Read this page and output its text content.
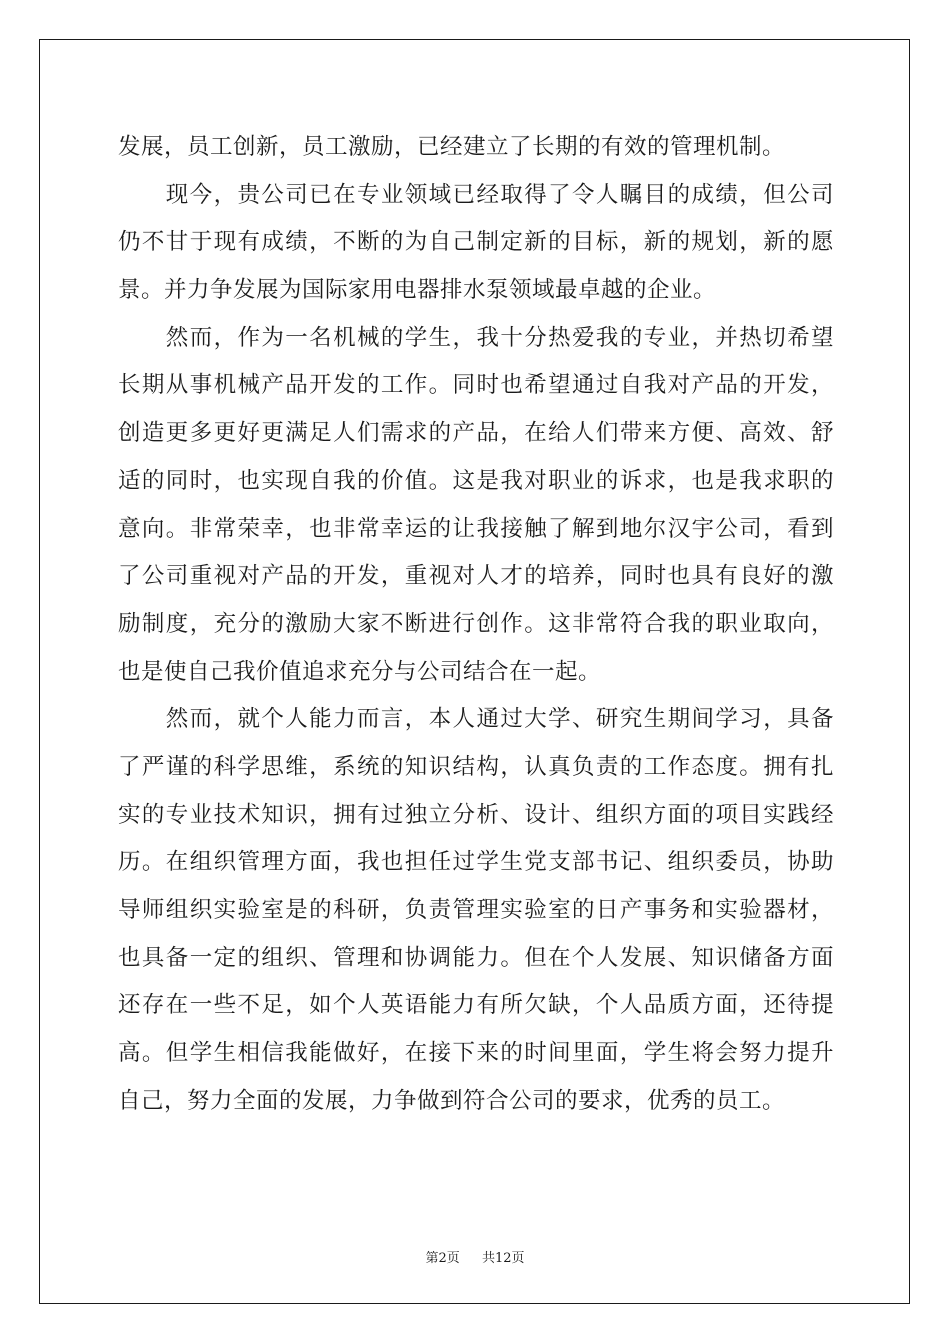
发展，员工创新，员工激励，已经建立了长期的有效的管理机制。
　　现今，贵公司已在专业领域已经取得了令人瞩目的成绩，但公司
仍不甘于现有成绩，不断的为自己制定新的目标，新的规划，新的愿
景。并力争发展为国际家用电器排水泵领域最卓越的企业。
　　然而，作为一名机械的学生，我十分热爱我的专业，并热切希望
长期从事机械产品开发的工作。同时也希望通过自我对产品的开发，
创造更多更好更满足人们需求的产品，在给人们带来方便、高效、舒
适的同时，也实现自我的价值。这是我对职业的诉求，也是我求职的
意向。非常荣幸，也非常幸运的让我接触了解到地尔汉宇公司，看到
了公司重视对产品的开发，重视对人才的培养，同时也具有良好的激
励制度，充分的激励大家不断进行创作。这非常符合我的职业取向，
也是使自己我价值追求充分与公司结合在一起。
　　然而，就个人能力而言，本人通过大学、研究生期间学习，具备
了严谨的科学思维，系统的知识结构，认真负责的工作态度。拥有扎
实的专业技术知识，拥有过独立分析、设计、组织方面的项目实践经
历。在组织管理方面，我也担任过学生党支部书记、组织委员，协助
导师组织实验室是的科研，负责管理实验室的日产事务和实验器材，
也具备一定的组织、管理和协调能力。但在个人发展、知识储备方面
还存在一些不足，如个人英语能力有所欠缺，个人品质方面，还待提
高。但学生相信我能做好，在接下来的时间里面，学生将会努力提升
自己，努力全面的发展，力争做到符合公司的要求，优秀的员工。
第2页 共12页
